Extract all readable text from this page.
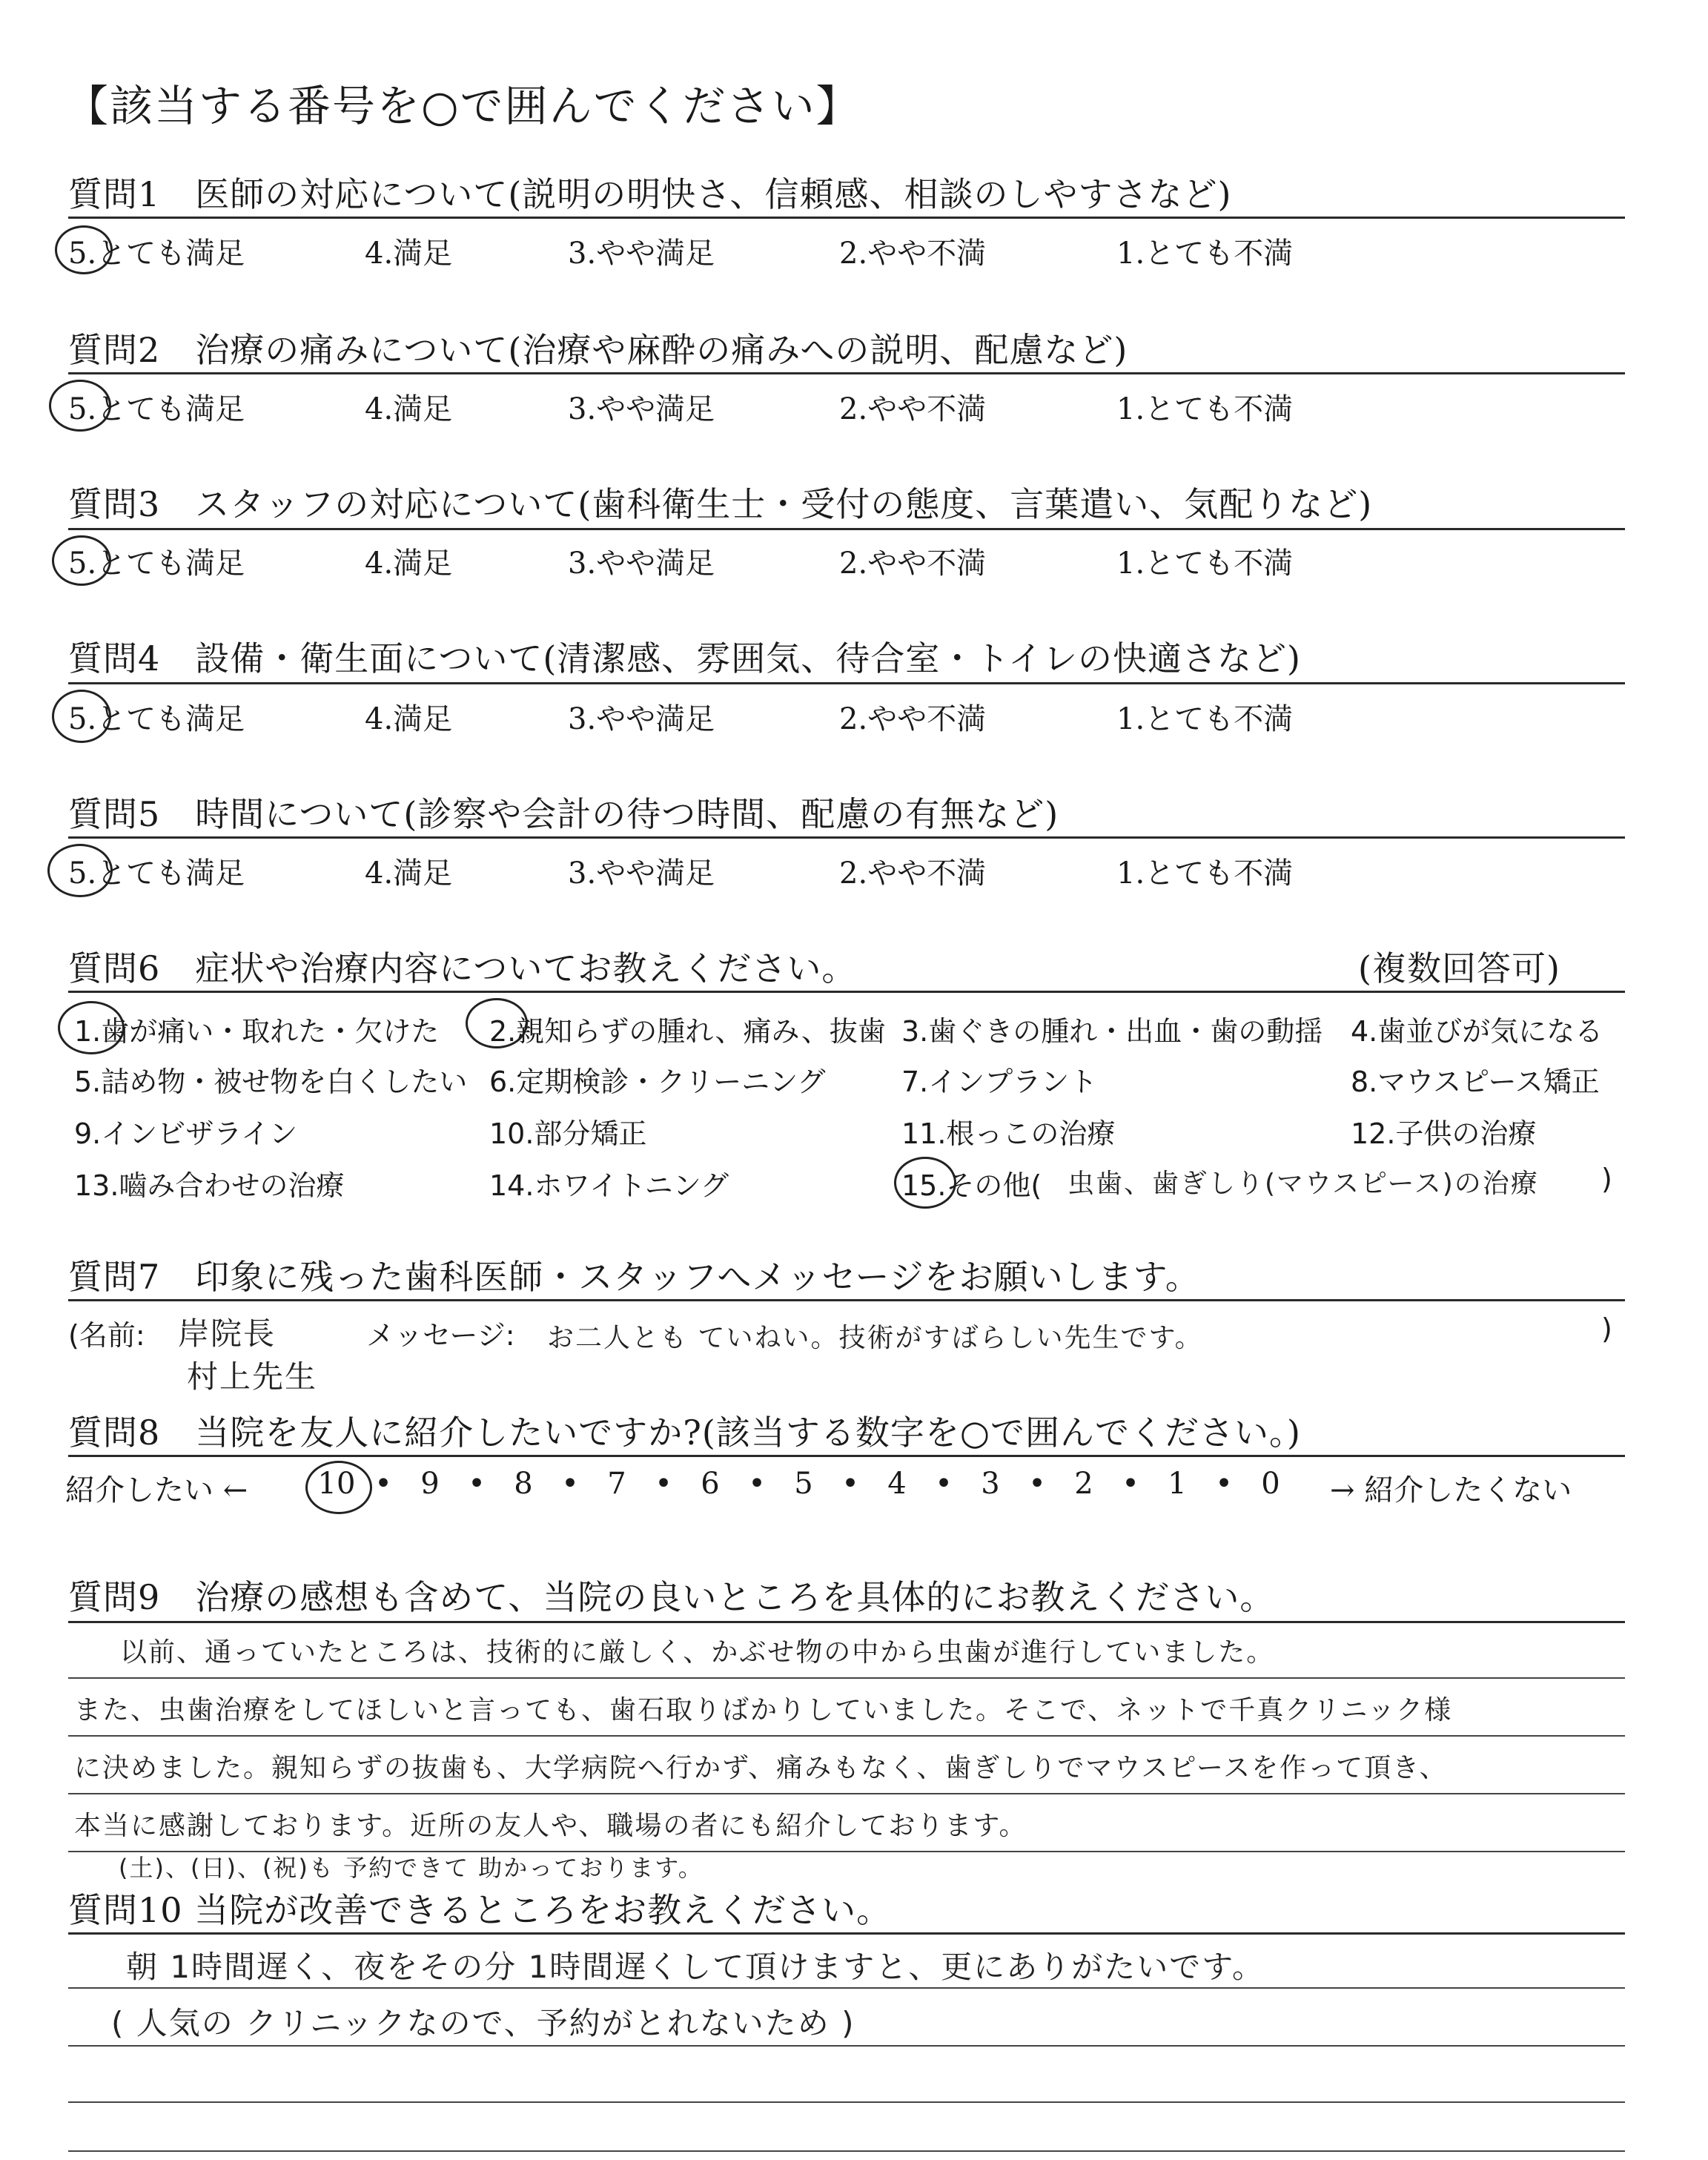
【該当する番号を○で囲んでください】
質問1　医師の対応について(説明の明快さ、信頼感、相談のしやすさなど)
5.とても満足	4.満足	3.やや満足	2.やや不満	1.とても不満
質問2　治療の痛みについて(治療や麻酔の痛みへの説明、配慮など)
5.とても満足	4.満足	3.やや満足	2.やや不満	1.とても不満
質問3　スタッフの対応について(歯科衛生士・受付の態度、言葉遣い、気配りなど)
5.とても満足	4.満足	3.やや満足	2.やや不満	1.とても不満
質問4　設備・衛生面について(清潔感、雰囲気、待合室・トイレの快適さなど)
5.とても満足	4.満足	3.やや満足	2.やや不満	1.とても不満
質問5　時間について(診察や会計の待つ時間、配慮の有無など)
5.とても満足	4.満足	3.やや満足	2.やや不満	1.とても不満
質問6　症状や治療内容についてお教えください。	(複数回答可)
1.歯が痛い・取れた・欠けた 2.親知らずの腫れ、痛み、抜歯 3.歯ぐきの腫れ・出血・歯の動揺 4.歯並びが気になる
5.詰め物・被せ物を白くしたい 6.定期検診・クリーニング	7.インプラント	8.マウスピース矯正
9.インビザライン	10.部分矯正	11.根っこの治療	12.子供の治療
13.嚙み合わせの治療	14.ホワイトニング	15.その他( 虫歯、歯ぎしり(マウスピース)の治療 )
質問7　印象に残った歯科医師・スタッフへメッセージをお願いします。
(名前: 岸院長
村上先生
メッセージ: お二人とも ていねい。技術がすばらしい先生です。	)
質問8　当院を友人に紹介したいですか?(該当する数字を○で囲んでください。)
紹介したい ← 10 • 9 • 8 • 7 • 6 • 5 • 4 • 3 • 2 • 1 • 0	→ 紹介したくない
質問9　治療の感想も含めて、当院の良いところを具体的にお教えください。
以前、通っていたところは、技術的に厳しく、かぶせ物の中から虫歯が進行していました。
また、虫歯治療をしてほしいと言っても、歯石取りばかりしていました。そこで、ネットで千真クリニック様
に決めました。親知らずの抜歯も、大学病院へ行かず、痛みもなく、歯ぎしりでマウスピースを作って頂き、
本当に感謝しております。近所の友人や、職場の者にも紹介しております。
(土)、(日)、(祝)も 予約できて 助かっております。
質問10 当院が改善できるところをお教えください。
朝 1時間遅く、夜をその分 1時間遅くして頂けますと、更にありがたいです。
( 人気の クリニックなので、予約がとれないため )
